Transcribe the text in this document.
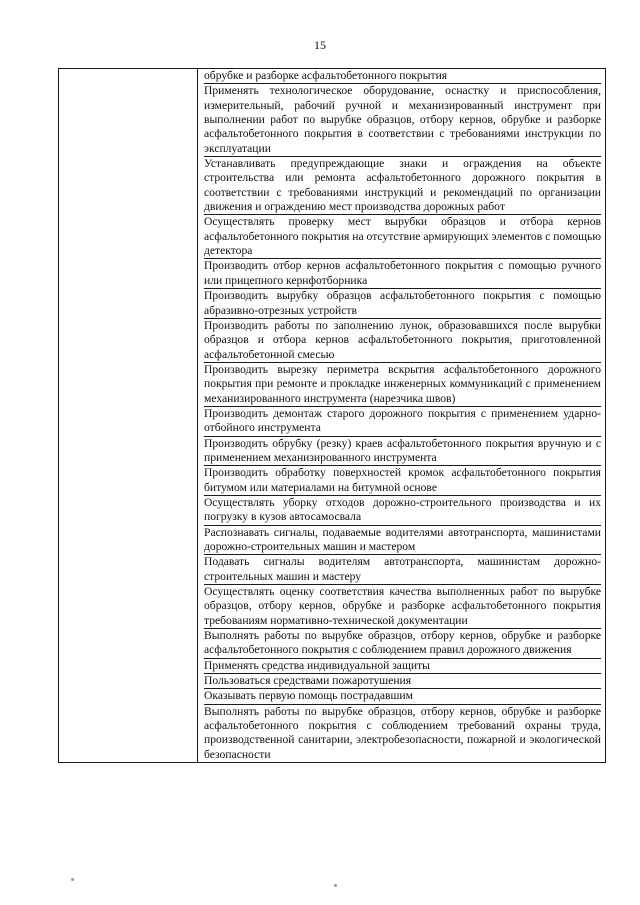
15

обрубке и разборке асфальтобетонного покрытия
Применять технологическое оборудование, оснастку и приспособления, измерительный, рабочий ручной и механизированный инструмент при выполнении работ по вырубке образцов, отбору кернов, обрубке и разборке асфальтобетонного покрытия в соответствии с требованиями инструкции по эксплуатации
Устанавливать предупреждающие знаки и ограждения на объекте строительства или ремонта асфальтобетонного дорожного покрытия в соответствии с требованиями инструкций и рекомендаций по организации движения и ограждению мест производства дорожных работ
Осуществлять проверку мест вырубки образцов и отбора кернов асфальтобетонного покрытия на отсутствие армирующих элементов с помощью детектора
Производить отбор кернов асфальтобетонного покрытия с помощью ручного или прицепного кернфотборника
Производить вырубку образцов асфальтобетонного покрытия с помощью абразивно-отрезных устройств
Производить работы по заполнению лунок, образовавшихся после вырубки образцов и отбора кернов асфальтобетонного покрытия, приготовленной асфальтобетонной смесью
Производить вырезку периметра вскрытия асфальтобетонного дорожного покрытия при ремонте и прокладке инженерных коммуникаций с применением механизированного инструмента (нарезчика швов)
Производить демонтаж старого дорожного покрытия с применением ударно-отбойного инструмента
Производить обрубку (резку) краев асфальтобетонного покрытия вручную и с применением механизированного инструмента
Производить обработку поверхностей кромок асфальтобетонного покрытия битумом или материалами на битумной основе
Осуществлять уборку отходов дорожно-строительного производства и их погрузку в кузов автосамосвала
Распознавать сигналы, подаваемые водителями автотранспорта, машинистами дорожно-строительных машин и мастером
Подавать сигналы водителям автотранспорта, машинистам дорожно-строительных машин и мастеру
Осуществлять оценку соответствия качества выполненных работ по вырубке образцов, отбору кернов, обрубке и разборке асфальтобетонного покрытия требованиям нормативно-технической документации
Выполнять работы по вырубке образцов, отбору кернов, обрубке и разборке асфальтобетонного покрытия с соблюдением правил дорожного движения
Применять средства индивидуальной защиты
Пользоваться средствами пожаротушения
Оказывать первую помощь пострадавшим
Выполнять работы по вырубке образцов, отбору кернов, обрубке и разборке асфальтобетонного покрытия с соблюдением требований охраны труда, производственной санитарии, электробезопасности, пожарной и экологической безопасности
